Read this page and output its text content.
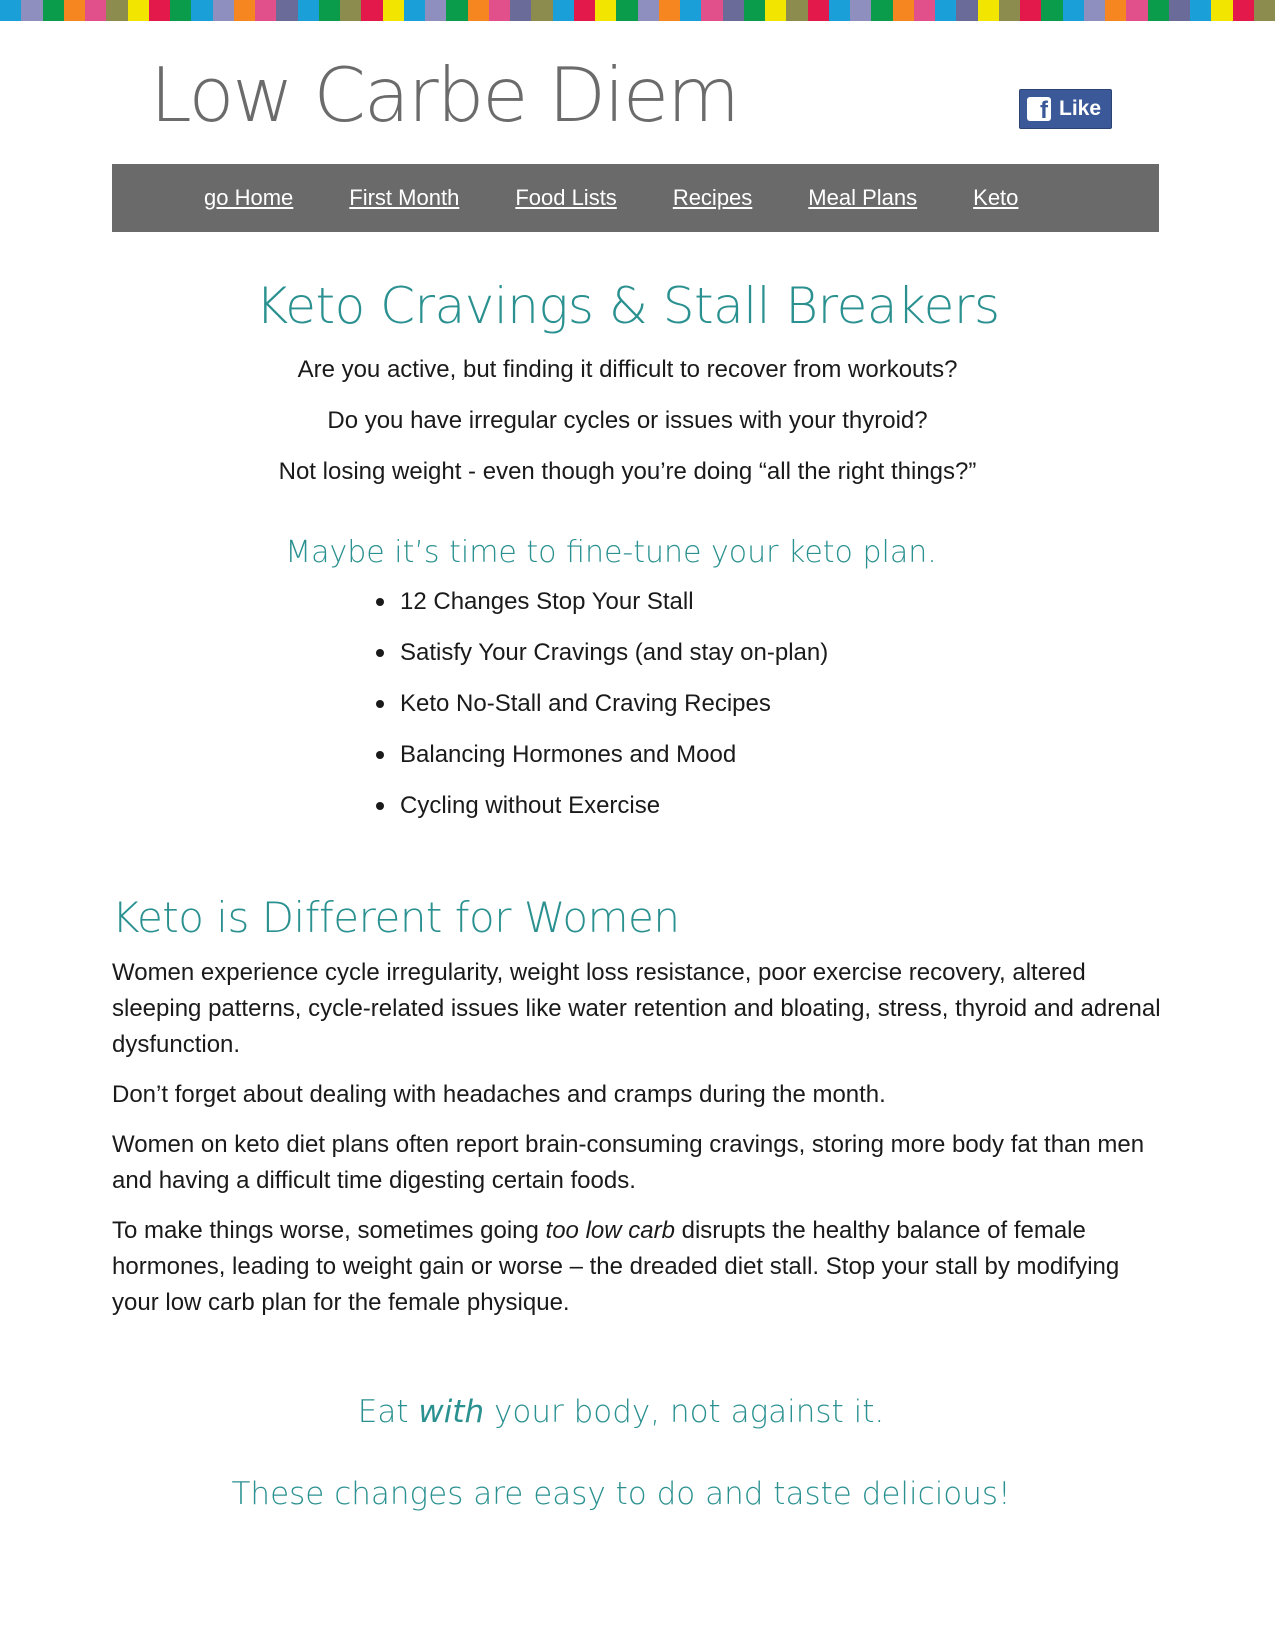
Low Carbe Diem	f Like
go Home	First Month	Food Lists	Recipes	Meal Plans	Keto
Keto Cravings & Stall Breakers

Are you active, but finding it difficult to recover from workouts?

Do you have irregular cycles or issues with your thyroid?

Not losing weight - even though you’re doing “all the right things?”

Maybe it’s time to fine-tune your keto plan.
12 Changes Stop Your Stall
Satisfy Your Cravings (and stay on-plan)
Keto No-Stall and Craving Recipes
Balancing Hormones and Mood
Cycling without Exercise
Keto is Different for Women

Women experience cycle irregularity, weight loss resistance, poor exercise recovery, altered sleeping patterns, cycle-related issues like water retention and bloating, stress, thyroid and adrenal dysfunction.

Don’t forget about dealing with headaches and cramps during the month.

Women on keto diet plans often report brain-consuming cravings, storing more body fat than men and having a difficult time digesting certain foods.

To make things worse, sometimes going too low carb disrupts the healthy balance of female hormones, leading to weight gain or worse – the dreaded diet stall. Stop your stall by modifying your low carb plan for the female physique.

Eat with your body, not against it.

These changes are easy to do and taste delicious!
